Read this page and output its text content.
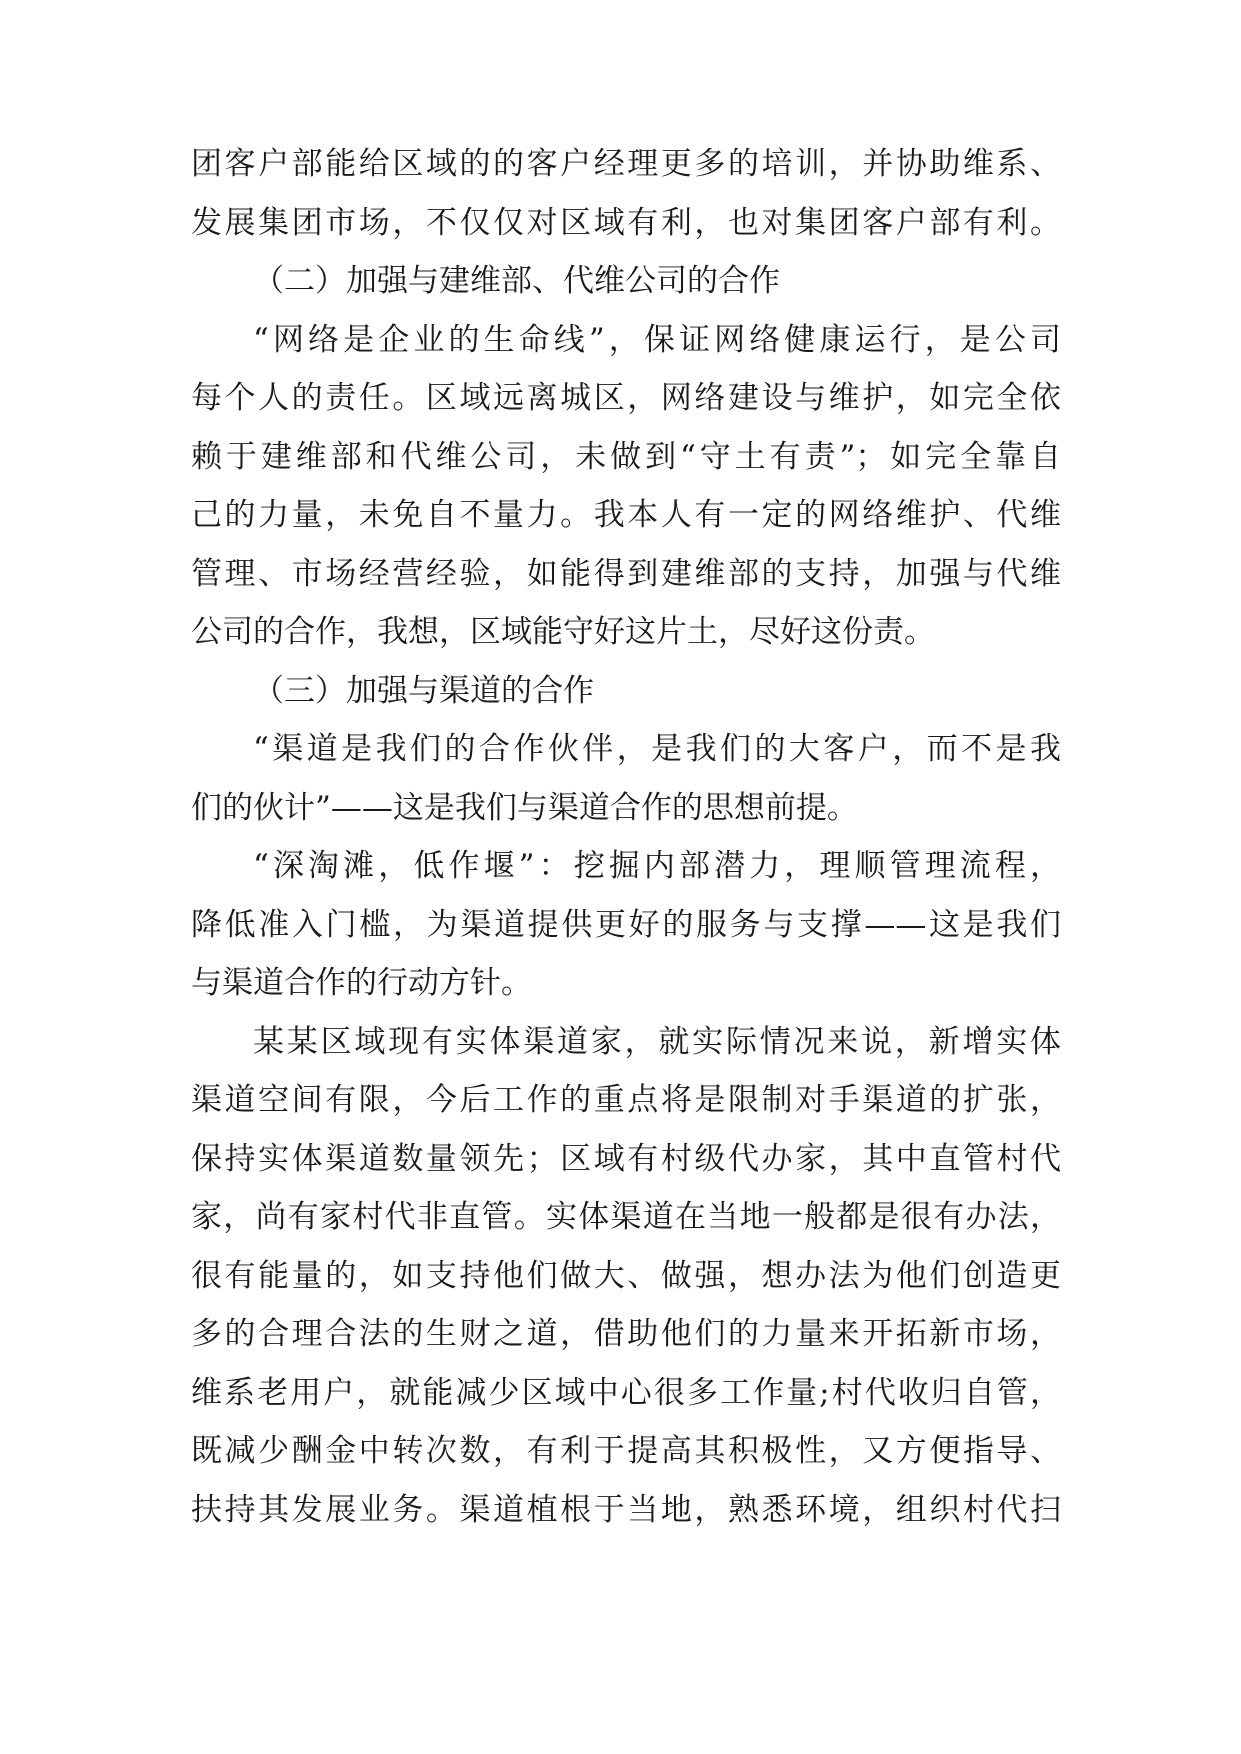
团客户部能给区域的的客户经理更多的培训，并协助维系、
发展集团市场，不仅仅对区域有利，也对集团客户部有利。
（二）加强与建维部、代维公司的合作
“网络是企业的生命线”，保证网络健康运行，是公司
每个人的责任。区域远离城区，网络建设与维护，如完全依
赖于建维部和代维公司，未做到“守土有责”；如完全靠自
己的力量，未免自不量力。我本人有一定的网络维护、代维
管理、市场经营经验，如能得到建维部的支持，加强与代维
公司的合作，我想，区域能守好这片土，尽好这份责。
（三）加强与渠道的合作
“渠道是我们的合作伙伴，是我们的大客户，而不是我
们的伙计”——这是我们与渠道合作的思想前提。
“深淘滩，低作堰”：挖掘内部潜力，理顺管理流程，
降低准入门槛，为渠道提供更好的服务与支撑——这是我们
与渠道合作的行动方针。
某某区域现有实体渠道家，就实际情况来说，新增实体
渠道空间有限，今后工作的重点将是限制对手渠道的扩张，
保持实体渠道数量领先；区域有村级代办家，其中直管村代
家，尚有家村代非直管。实体渠道在当地一般都是很有办法，
很有能量的，如支持他们做大、做强，想办法为他们创造更
多的合理合法的生财之道，借助他们的力量来开拓新市场，
维系老用户，就能减少区域中心很多工作量;村代收归自管，
既减少酬金中转次数，有利于提高其积极性，又方便指导、
扶持其发展业务。渠道植根于当地，熟悉环境，组织村代扫
